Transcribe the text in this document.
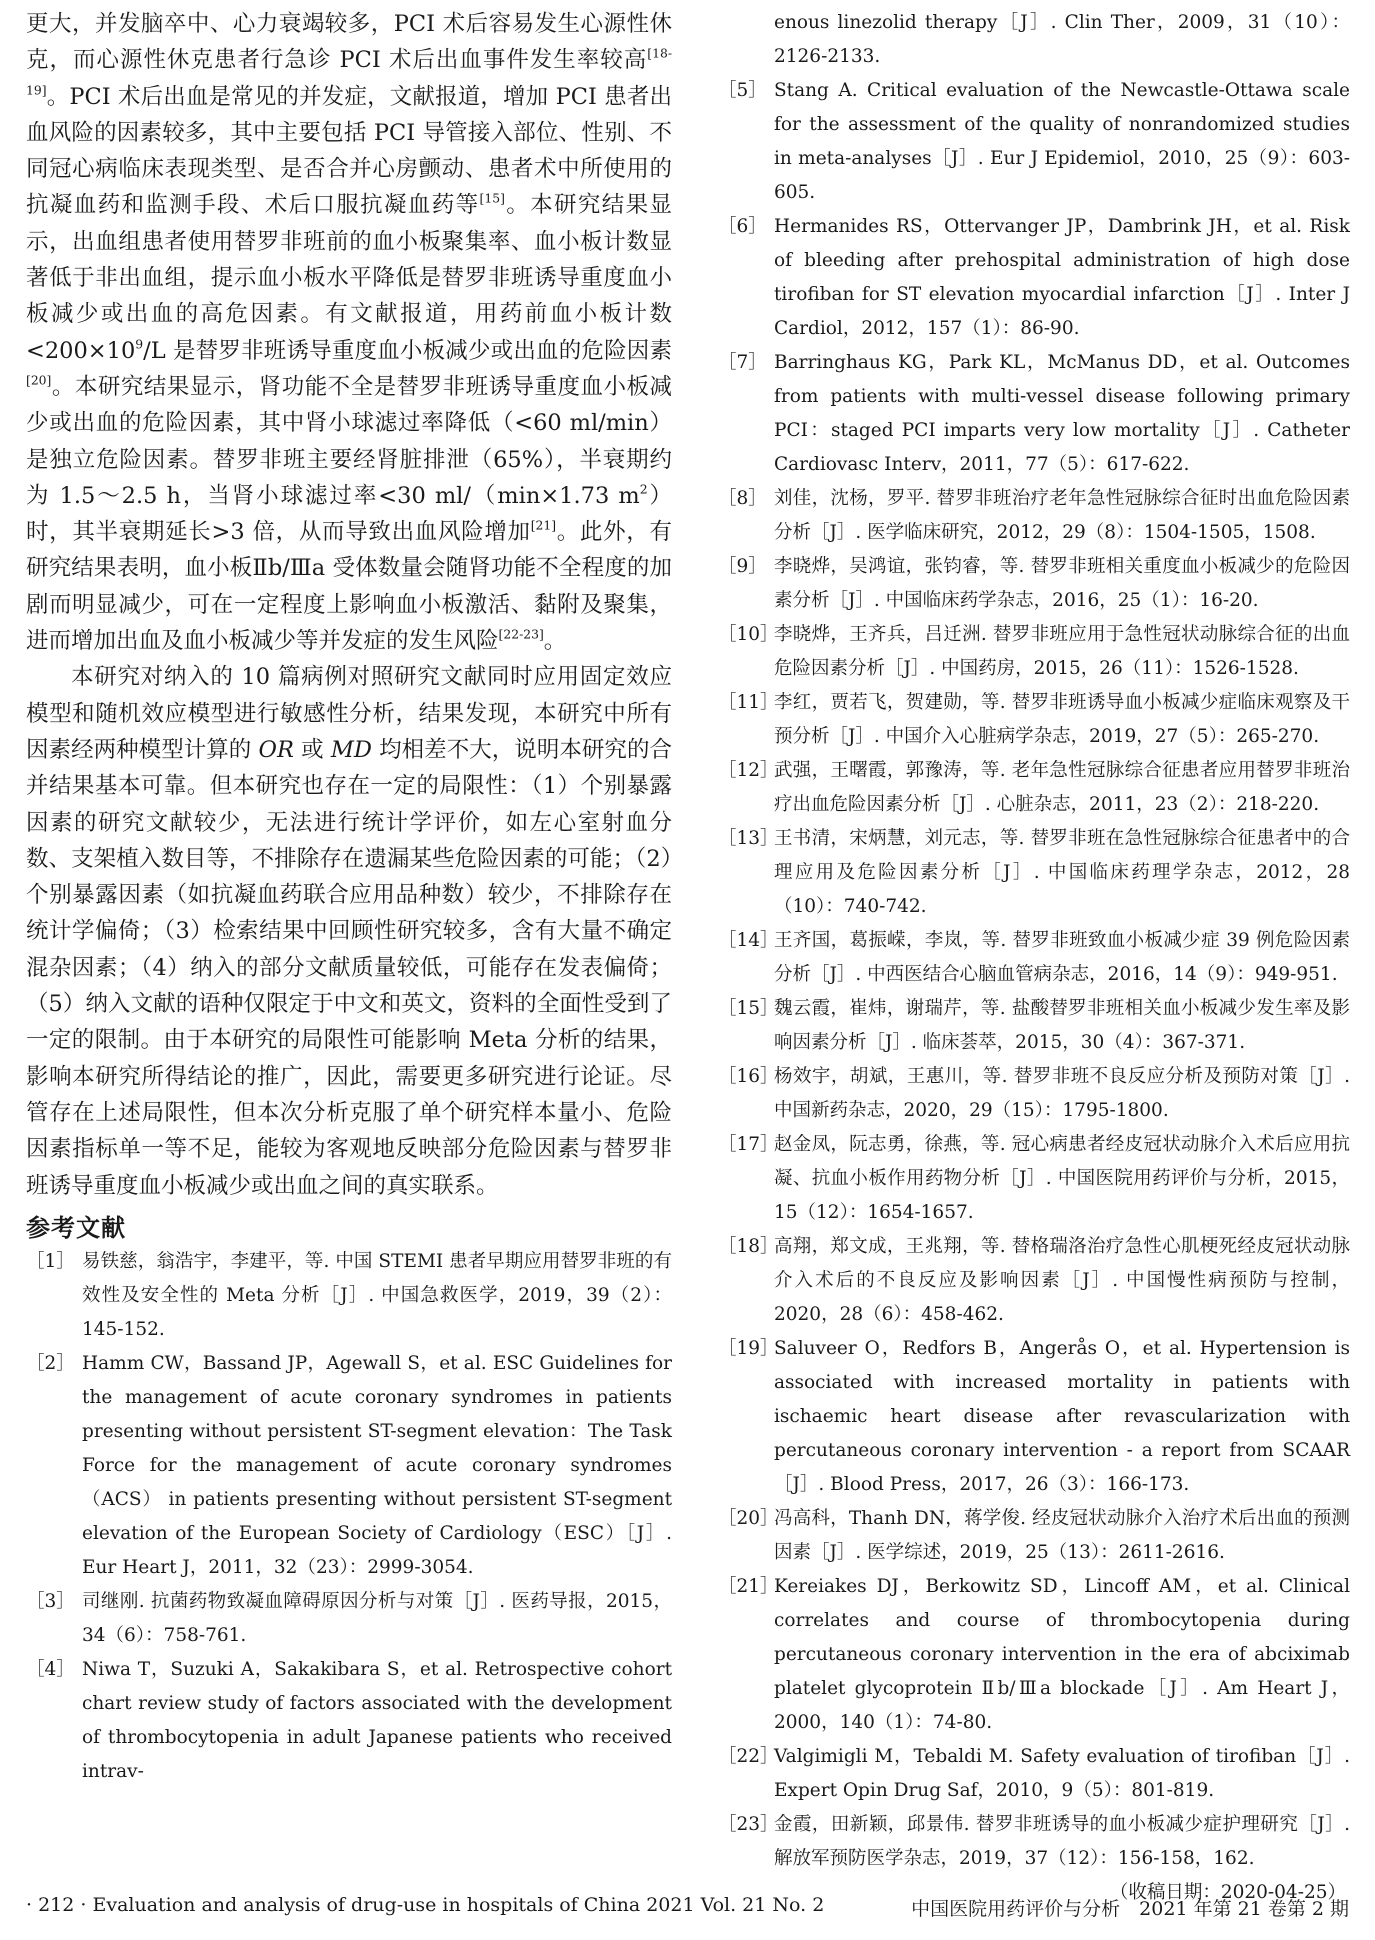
更大，并发脑卒中、心力衰竭较多，PCI 术后容易发生心源性休克，而心源性休克患者行急诊 PCI 术后出血事件发生率较高[18-19]。PCI 术后出血是常见的并发症，文献报道，增加 PCI 患者出血风险的因素较多，其中主要包括 PCI 导管接入部位、性别、不同冠心病临床表现类型、是否合并心房颤动、患者术中所使用的抗凝血药和监测手段、术后口服抗凝血药等[15]。本研究结果显示，出血组患者使用替罗非班前的血小板聚集率、血小板计数显著低于非出血组，提示血小板水平降低是替罗非班诱导重度血小板减少或出血的高危因素。有文献报道，用药前血小板计数$<200\times 10^9/L$ 是替罗非班诱导重度血小板减少或出血的危险因素[20]。本研究结果显示，肾功能不全是替罗非班诱导重度血小板减少或出血的危险因素，其中肾小球滤过率降低（<60 ml/min）是独立危险因素。替罗非班主要经肾脏排泄（65%），半衰期约为 1.5～2.5 h，当肾小球滤过率<30 ml/（min×1.73 $m^2$）时，其半衰期延长>3 倍，从而导致出血风险增加[21]。此外，有研究结果表明，血小板Ⅱb/Ⅲa 受体数量会随肾功能不全程度的加剧而明显减少，可在一定程度上影响血小板激活、黏附及聚集，进而增加出血及血小板减少等并发症的发生风险[22-23]。

本研究对纳入的 10 篇病例对照研究文献同时应用固定效应模型和随机效应模型进行敏感性分析，结果发现，本研究中所有因素经两种模型计算的 OR 或 MD 均相差不大，说明本研究的合并结果基本可靠。但本研究也存在一定的局限性：（1）个别暴露因素的研究文献较少，无法进行统计学评价，如左心室射血分数、支架植入数目等，不排除存在遗漏某些危险因素的可能；（2）个别暴露因素（如抗凝血药联合应用品种数）较少，不排除存在统计学偏倚；（3）检索结果中回顾性研究较多，含有大量不确定混杂因素；（4）纳入的部分文献质量较低，可能存在发表偏倚；（5）纳入文献的语种仅限定于中文和英文，资料的全面性受到了一定的限制。由于本研究的局限性可能影响 Meta 分析的结果，影响本研究所得结论的推广，因此，需要更多研究进行论证。尽管存在上述局限性，但本次分析克服了单个研究样本量小、危险因素指标单一等不足，能较为客观地反映部分危险因素与替罗非班诱导重度血小板减少或出血之间的真实联系。

参考文献
［1］ 易铁慈，翁浩宇，李建平，等. 中国 STEMI 患者早期应用替罗非班的有效性及安全性的 Meta 分析［J］. 中国急救医学，2019，39（2）：145-152.
［2］ Hamm CW，Bassand JP，Agewall S，et al. ESC Guidelines for the management of acute coronary syndromes in patients presenting without persistent ST-segment elevation：The Task Force for the management of acute coronary syndromes（ACS） in patients presenting without persistent ST-segment elevation of the European Society of Cardiology（ESC）［J］. Eur Heart J，2011，32（23）：2999-3054.
［3］ 司继刚. 抗菌药物致凝血障碍原因分析与对策［J］. 医药导报，2015，34（6）：758-761.
［4］ Niwa T，Suzuki A，Sakakibara S，et al. Retrospective cohort chart review study of factors associated with the development of thrombocytopenia in adult Japanese patients who received intrav-
enous linezolid therapy［J］. Clin Ther，2009，31（10）：2126-2133.
［5］ Stang A. Critical evaluation of the Newcastle-Ottawa scale for the assessment of the quality of nonrandomized studies in meta-analyses［J］. Eur J Epidemiol，2010，25（9）：603-605.
［6］ Hermanides RS，Ottervanger JP，Dambrink JH，et al. Risk of bleeding after prehospital administration of high dose tirofiban for ST elevation myocardial infarction［J］. Inter J Cardiol，2012，157（1）：86-90.
［7］ Barringhaus KG，Park KL，McManus DD，et al. Outcomes from patients with multi-vessel disease following primary PCI：staged PCI imparts very low mortality［J］. Catheter Cardiovasc Interv，2011，77（5）：617-622.
［8］ 刘佳，沈杨，罗平. 替罗非班治疗老年急性冠脉综合征时出血危险因素分析［J］. 医学临床研究，2012，29（8）：1504-1505，1508.
［9］ 李晓烨，吴鸿谊，张钧睿，等. 替罗非班相关重度血小板减少的危险因素分析［J］. 中国临床药学杂志，2016，25（1）：16-20.
［10］
李晓烨，王齐兵，吕迁洲. 替罗非班应用于急性冠状动脉综合征的出血危险因素分析［J］. 中国药房，2015，26（11）：1526-1528.
［11］
李红，贾若飞，贺建勋，等. 替罗非班诱导血小板减少症临床观察及干预分析［J］. 中国介入心脏病学杂志，2019，27（5）：265-270.
［12］
武强，王曙霞，郭豫涛，等. 老年急性冠脉综合征患者应用替罗非班治疗出血危险因素分析［J］. 心脏杂志，2011，23（2）：218-220.
［13］
王书清，宋炳慧，刘元志，等. 替罗非班在急性冠脉综合征患者中的合理应用及危险因素分析［J］. 中国临床药理学杂志，2012，28（10）：740-742.
［14］
王齐国，葛振嵘，李岚，等. 替罗非班致血小板减少症 39 例危险因素分析［J］. 中西医结合心脑血管病杂志，2016，14（9）：949-951.
［15］
魏云霞，崔炜，谢瑞芹，等. 盐酸替罗非班相关血小板减少发生率及影响因素分析［J］. 临床荟萃，2015，30（4）：367-371.
［16］
杨效宇，胡斌，王惠川，等. 替罗非班不良反应分析及预防对策［J］. 中国新药杂志，2020，29（15）：1795-1800.
［17］
赵金凤，阮志勇，徐燕，等. 冠心病患者经皮冠状动脉介入术后应用抗凝、抗血小板作用药物分析［J］. 中国医院用药评价与分析，2015，15（12）：1654-1657.
［18］
高翔，郑文成，王兆翔，等. 替格瑞洛治疗急性心肌梗死经皮冠状动脉介入术后的不良反应及影响因素［J］. 中国慢性病预防与控制，2020，28（6）：458-462.
［19］
Saluveer O，Redfors B，Angerås O，et al. Hypertension is associated with increased mortality in patients with ischaemic heart disease after revascularization with percutaneous coronary intervention - a report from SCAAR［J］. Blood Press，2017，26（3）：166-173.
［20］
冯高科，Thanh DN，蒋学俊. 经皮冠状动脉介入治疗术后出血的预测因素［J］. 医学综述，2019，25（13）：2611-2616.
［21］
Kereiakes DJ，Berkowitz SD，Lincoff AM，et al. Clinical correlates and course of thrombocytopenia during percutaneous coronary intervention in the era of abciximab platelet glycoprotein Ⅱb/Ⅲa blockade［J］. Am Heart J，2000，140（1）：74-80.
［22］
Valgimigli M，Tebaldi M. Safety evaluation of tirofiban［J］. Expert Opin Drug Saf，2010，9（5）：801-819.
［23］
金霞，田新颖，邱景伟. 替罗非班诱导的血小板减少症护理研究［J］. 解放军预防医学杂志，2019，37（12）：156-158，162.
（收稿日期：2020-04-25）
· 212 · Evaluation and analysis of drug-use in hospitals of China 2021 Vol. 21 No. 2	中国医院用药评价与分析　2021 年第 21 卷第 2 期
